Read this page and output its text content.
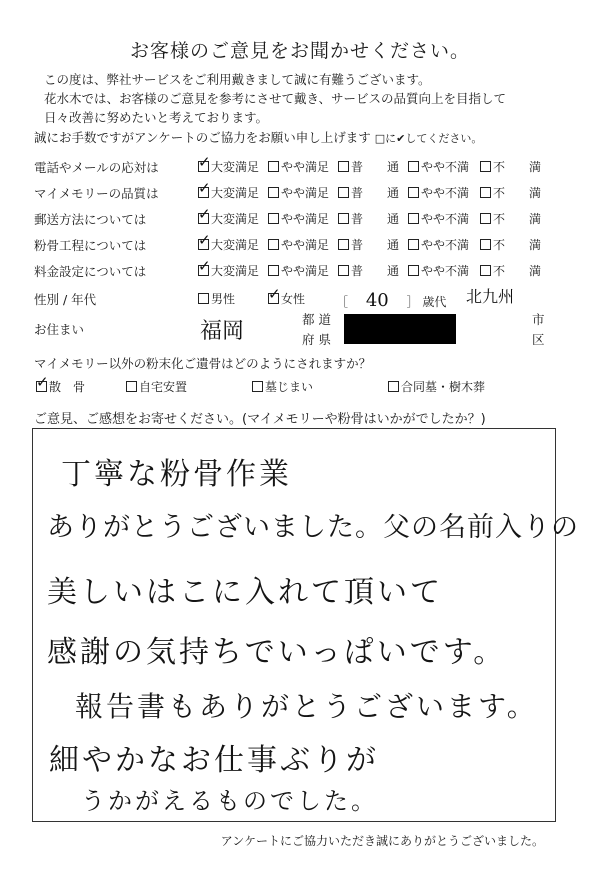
お客様のご意見をお聞かせください。
この度は、弊社サービスをご利用戴きまして誠に有難うございます。
花水木では、お客様のご意見を参考にさせて戴き、サービスの品質向上を目指して
日々改善に努めたいと考えております。
誠にお手数ですがアンケートのご協力をお願い申し上げます □に✔してください。
電話やメールの応対は ✓	大変満足	やや満足	普　　通	やや不満	不　　満
マイメモリーの品質は ✓	大変満足	やや満足	普　　通	やや不満	不　　満
郵送方法については ✓	大変満足	やや満足	普　　通	やや不満	不　　満
粉骨工程については ✓	大変満足	やや満足	普　　通	やや不満	不　　満
料金設定については ✓	大変満足	やや満足	普　　通	やや不満	不　　満
性別 / 年代	男性 ✓	女性	［ 40 ］ 歳代 北九州
お住まい	福岡	都 道
府 県
市
区
マイメモリー以外の粉末化ご遺骨はどのようにされますか？
✓散　骨	自宅安置	墓じまい	合同墓・樹木葬
ご意見、ご感想をお寄せください。(マイメモリーや粉骨はいかがでしたか？)
丁寧な粉骨作業
ありがとうございました。父の名前入りの
美しいはこに入れて頂いて
感謝の気持ちでいっぱいです。
報告書もありがとうございます。
細やかなお仕事ぶりが
うかがえるものでした。
アンケートにご協力いただき誠にありがとうございました。
